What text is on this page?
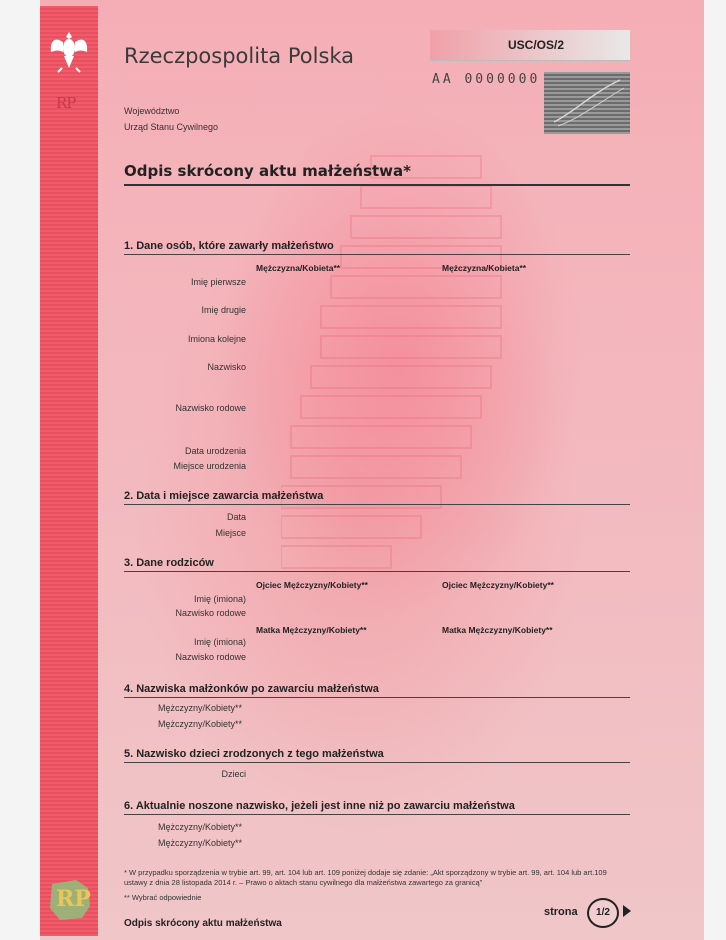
RP

Rzeczpospolita Polska	USC/OS/2
AA 0000000
Województwo
Urząd Stanu Cywilnego
Odpis skrócony aktu małżeństwa*
1. Dane osób, które zawarły małżeństwo
Mężczyzna/Kobieta**	Mężczyzna/Kobieta**
Imię pierwsze
Imię drugie
Imiona kolejne
Nazwisko
Nazwisko rodowe
Data urodzenia
Miejsce urodzenia
2. Data i miejsce zawarcia małżeństwa
Data
Miejsce
3. Dane rodziców
Ojciec Mężczyzny/Kobiety**	Ojciec Mężczyzny/Kobiety**
Imię (imiona)
Nazwisko rodowe
Matka Mężczyzny/Kobiety**	Matka Mężczyzny/Kobiety**
Imię (imiona)
Nazwisko rodowe
4. Nazwiska małżonków po zawarciu małżeństwa
Mężczyzny/Kobiety**
Mężczyzny/Kobiety**
5. Nazwisko dzieci zrodzonych z tego małżeństwa
Dzieci
6. Aktualnie noszone nazwisko, jeżeli jest inne niż po zawarciu małżeństwa
Mężczyzny/Kobiety**
Mężczyzny/Kobiety**
* W przypadku sporządzenia w trybie art. 99, art. 104 lub art. 109 poniżej dodaje się zdanie: „Akt sporządzony w trybie art. 99, art. 104 lub art.109 ustawy z dnia 28 listopada 2014 r. – Prawo o aktach stanu cywilnego dla małżeństwa zawartego za granicą”
** Wybrać odpowiednie
RP	strona	1/2
Odpis skrócony aktu małżeństwa
